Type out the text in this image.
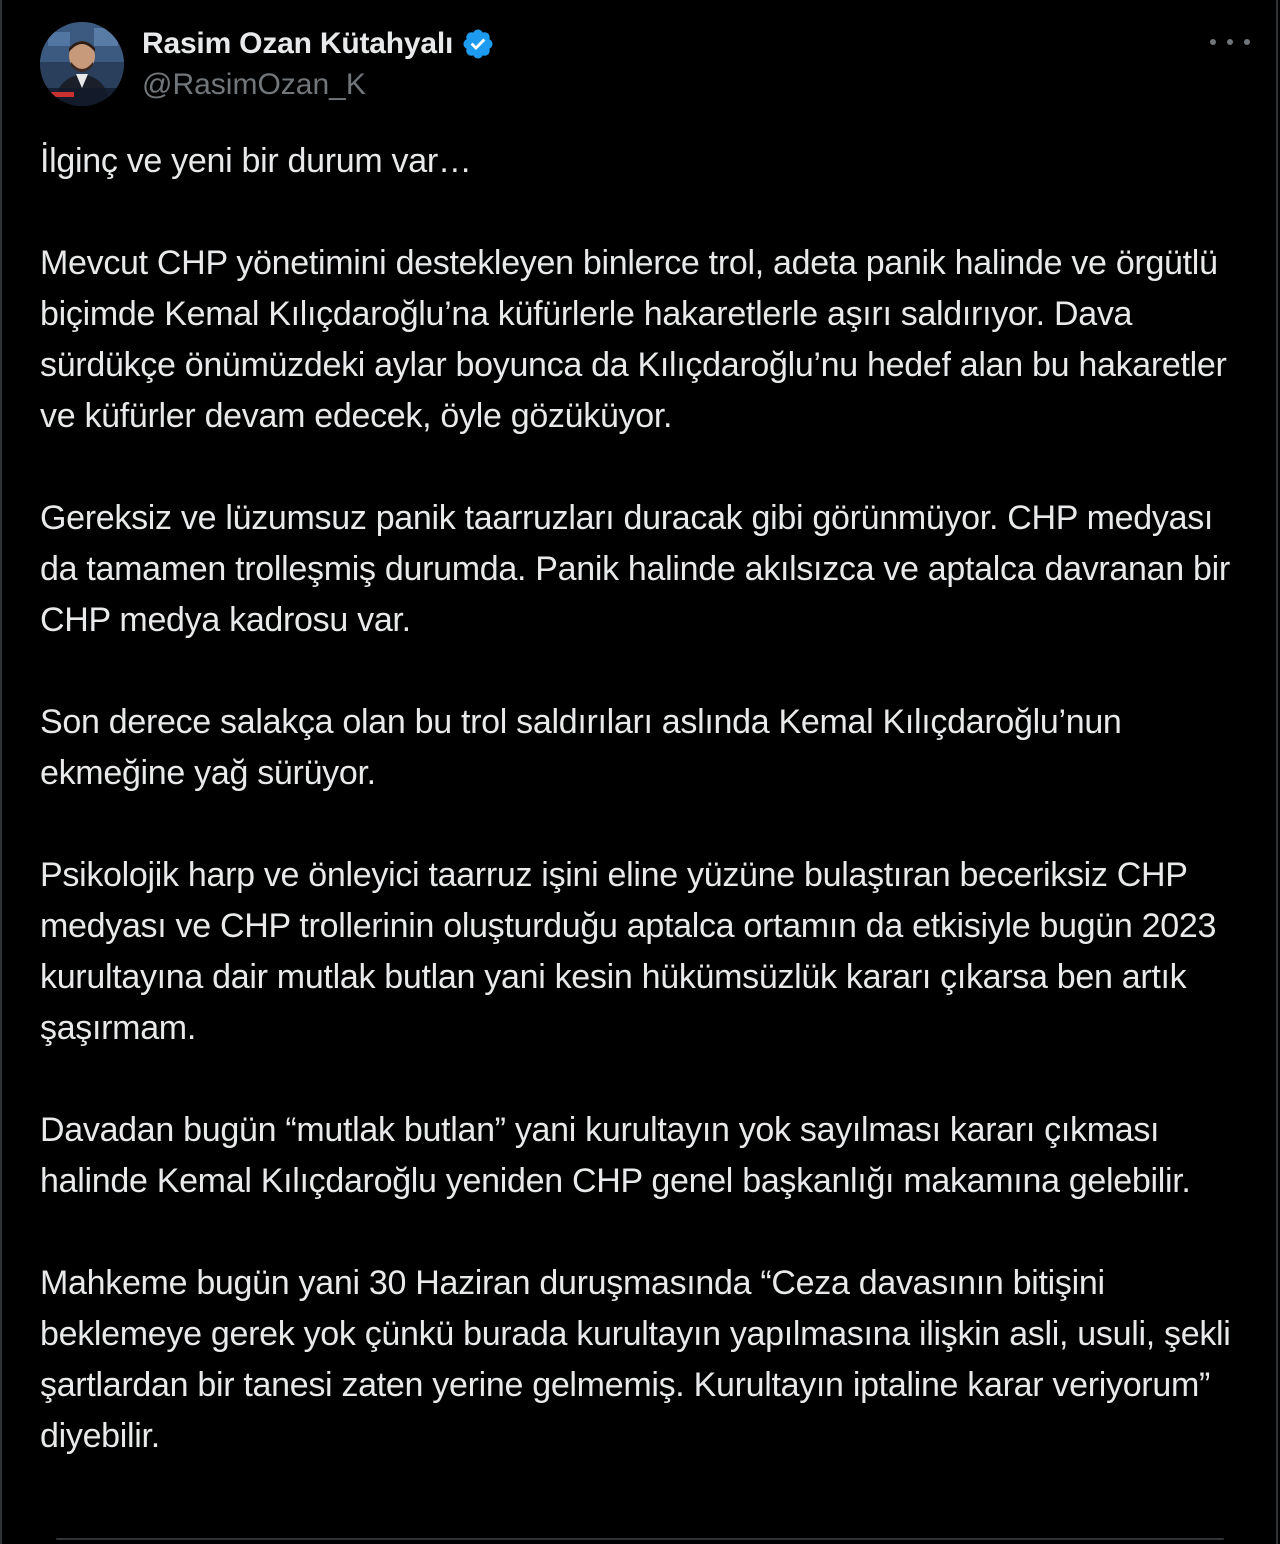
Rasim Ozan Kütahyalı
@RasimOzan_K

İlginç ve yeni bir durum var…

Mevcut CHP yönetimini destekleyen binlerce trol, adeta panik halinde ve örgütlü biçimde Kemal Kılıçdaroğlu’na küfürlerle hakaretlerle aşırı saldırıyor. Dava sürdükçe önümüzdeki aylar boyunca da Kılıçdaroğlu’nu hedef alan bu hakaretler ve küfürler devam edecek, öyle gözüküyor.

Gereksiz ve lüzumsuz panik taarruzları duracak gibi görünmüyor. CHP medyası da tamamen trolleşmiş durumda. Panik halinde akılsızca ve aptalca davranan bir CHP medya kadrosu var.

Son derece salakça olan bu trol saldırıları aslında Kemal Kılıçdaroğlu’nun ekmeğine yağ sürüyor.

Psikolojik harp ve önleyici taarruz işini eline yüzüne bulaştıran beceriksiz CHP medyası ve CHP trollerinin oluşturduğu aptalca ortamın da etkisiyle bugün 2023 kurultayına dair mutlak butlan yani kesin hükümsüzlük kararı çıkarsa ben artık şaşırmam.

Davadan bugün “mutlak butlan” yani kurultayın yok sayılması kararı çıkması halinde Kemal Kılıçdaroğlu yeniden CHP genel başkanlığı makamına gelebilir.

Mahkeme bugün yani 30 Haziran duruşmasında “Ceza davasının bitişini beklemeye gerek yok çünkü burada kurultayın yapılmasına ilişkin asli, usuli, şekli şartlardan bir tanesi zaten yerine gelmemiş. Kurultayın iptaline karar veriyorum” diyebilir.
